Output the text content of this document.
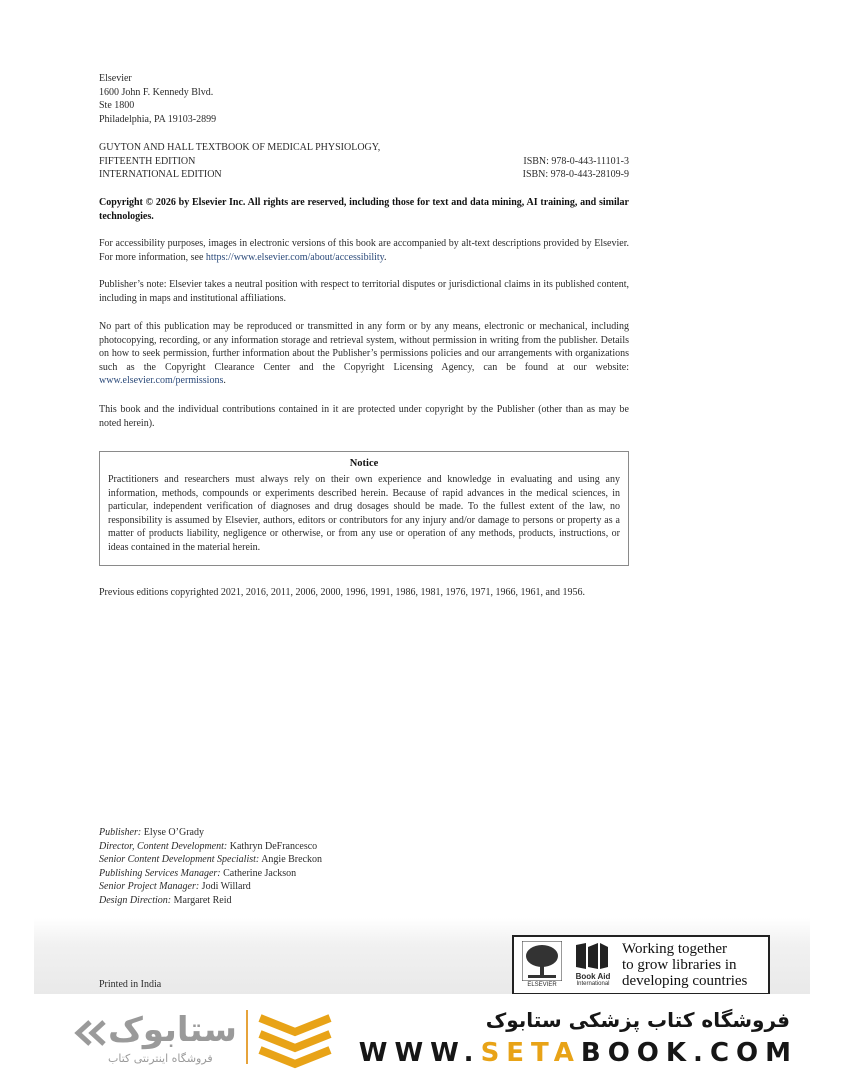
Elsevier
1600 John F. Kennedy Blvd.
Ste 1800
Philadelphia, PA 19103-2899
GUYTON AND HALL TEXTBOOK OF MEDICAL PHYSIOLOGY,
FIFTEENTH EDITION	ISBN: 978-0-443-11101-3
INTERNATIONAL EDITION	ISBN: 978-0-443-28109-9
Copyright © 2026 by Elsevier Inc. All rights are reserved, including those for text and data mining, AI training, and similar technologies.
For accessibility purposes, images in electronic versions of this book are accompanied by alt-text descriptions provided by Elsevier. For more information, see https://www.elsevier.com/about/accessibility.
Publisher’s note: Elsevier takes a neutral position with respect to territorial disputes or jurisdictional claims in its published content, including in maps and institutional affiliations.
No part of this publication may be reproduced or transmitted in any form or by any means, electronic or mechanical, including photocopying, recording, or any information storage and retrieval system, without permission in writing from the publisher. Details on how to seek permission, further information about the Publisher’s permissions policies and our arrangements with organizations such as the Copyright Clearance Center and the Copyright Licensing Agency, can be found at our website: www.elsevier.com/permissions.
This book and the individual contributions contained in it are protected under copyright by the Publisher (other than as may be noted herein).
Notice
Practitioners and researchers must always rely on their own experience and knowledge in evaluating and using any information, methods, compounds or experiments described herein. Because of rapid advances in the medical sciences, in particular, independent verification of diagnoses and drug dosages should be made. To the fullest extent of the law, no responsibility is assumed by Elsevier, authors, editors or contributors for any injury and/or damage to persons or property as a matter of products liability, negligence or otherwise, or from any use or operation of any methods, products, instructions, or ideas contained in the material herein.
Previous editions copyrighted 2021, 2016, 2011, 2006, 2000, 1996, 1991, 1986, 1981, 1976, 1971, 1966, 1961, and 1956.
Publisher: Elyse O’Grady
Director, Content Development: Kathryn DeFrancesco
Senior Content Development Specialist: Angie Breckon
Publishing Services Manager: Catherine Jackson
Senior Project Manager: Jodi Willard
Design Direction: Margaret Reid
Printed in India	ELSEVIER
Book Aid
International
Working together
to grow libraries in
developing countries
ستابوک
فروشگاه اینترنتی کتاب
فروشگاه کتاب پزشکی ستابوک
WWW.SETABOOK.COM
